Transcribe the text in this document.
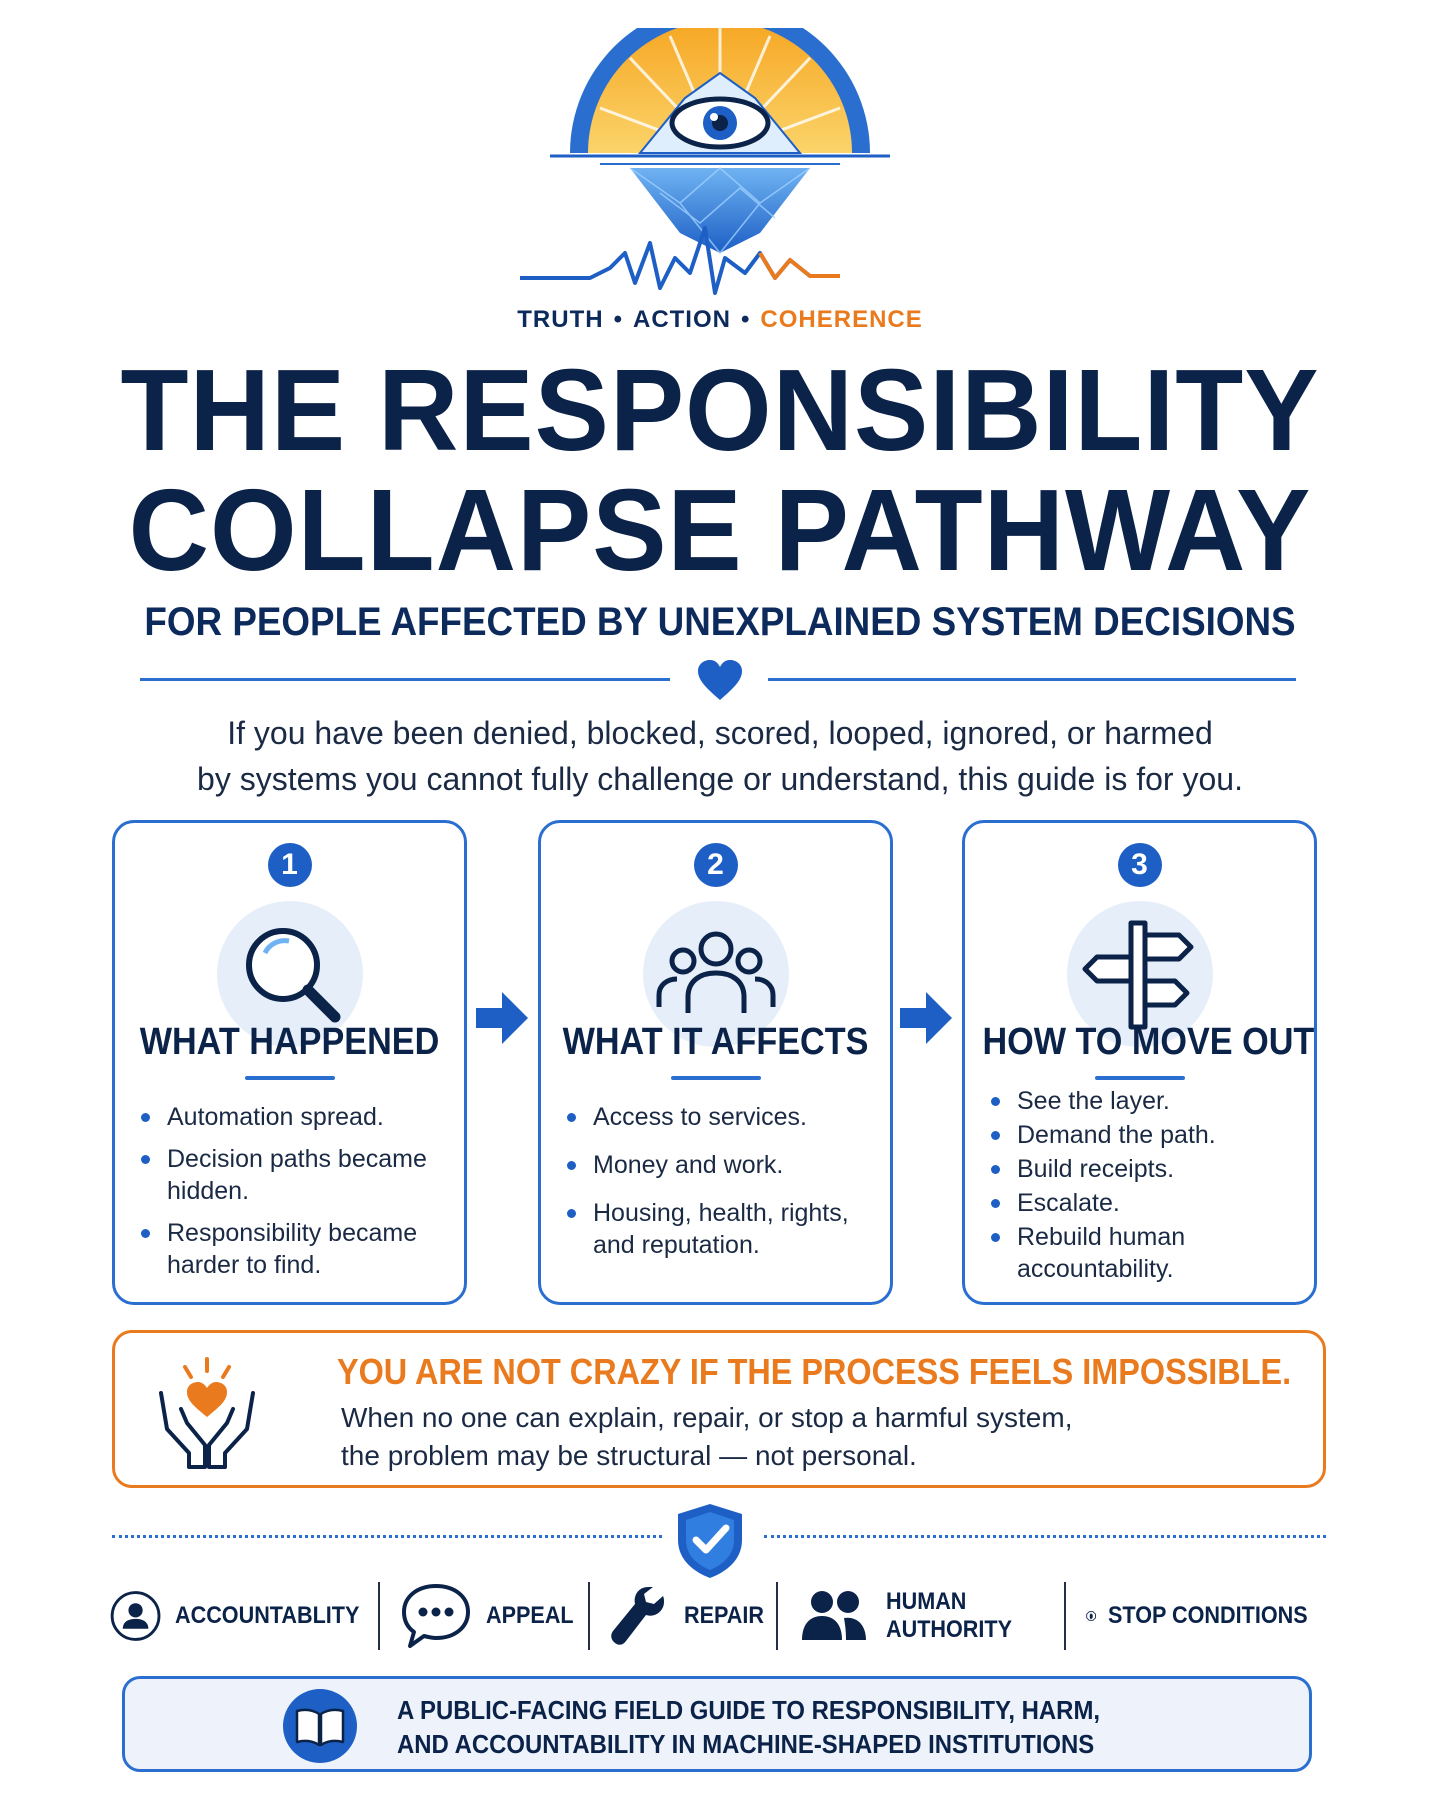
TRUTH • ACTION • COHERENCE
THE RESPONSIBILITY
COLLAPSE PATHWAY
FOR PEOPLE AFFECTED BY UNEXPLAINED SYSTEM DECISIONS
If you have been denied, blocked, scored, looped, ignored, or harmed
by systems you cannot fully challenge or understand, this guide is for you.
1
WHAT HAPPENED
Automation spread.
Decision paths became hidden.
Responsibility became harder to find.
2
WHAT IT AFFECTS
Access to services.
Money and work.
Housing, health, rights, and reputation.
3
HOW TO MOVE OUT
See the layer.
Demand the path.
Build receipts.
Escalate.
Rebuild human accountability.
YOU ARE NOT CRAZY IF THE PROCESS FEELS IMPOSSIBLE.
When no one can explain, repair, or stop a harmful system,
the problem may be structural — not personal.
ACCOUNTABLITY	APPEAL	REPAIR
HUMAN
AUTHORITY
STOP CONDITIONS
A PUBLIC-FACING FIELD GUIDE TO RESPONSIBILITY, HARM,
AND ACCOUNTABILITY IN MACHINE-SHAPED INSTITUTIONS
